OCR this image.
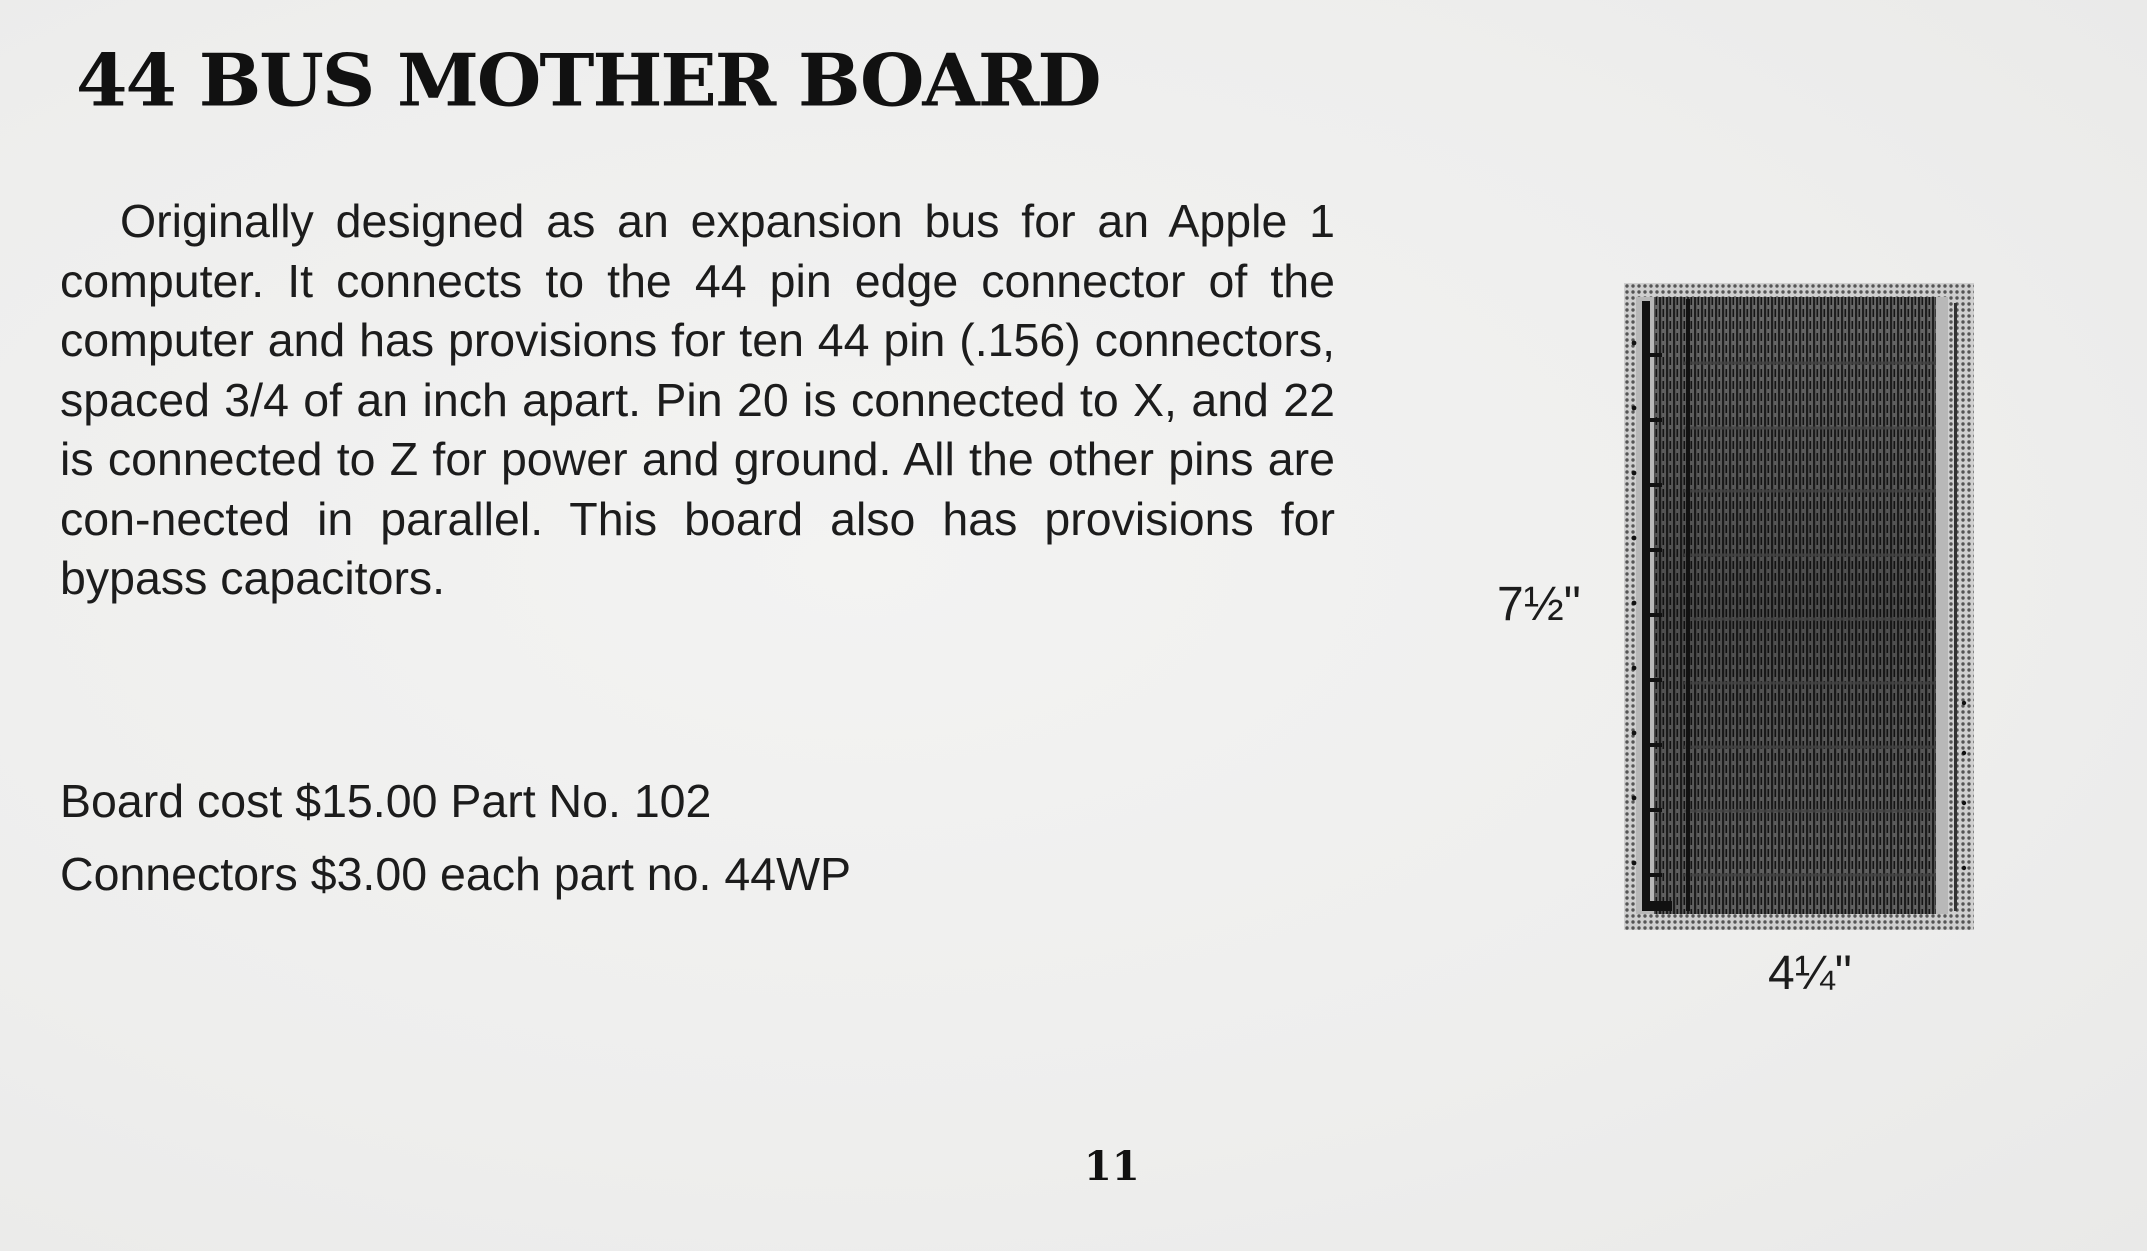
44 BUS MOTHER BOARD

Originally designed as an expansion bus for an Apple 1 computer. It connects to the 44 pin edge connector of the computer and has provisions for ten 44 pin (.156) connectors, spaced 3/4 of an inch apart. Pin 20 is connected to X, and 22 is connected to Z for power and ground. All the other pins are con-nected in parallel. This board also has provisions for bypass capacitors.

Board cost $15.00 Part No. 102

Connectors $3.00 each part no. 44WP

7½"
4¼"
11
